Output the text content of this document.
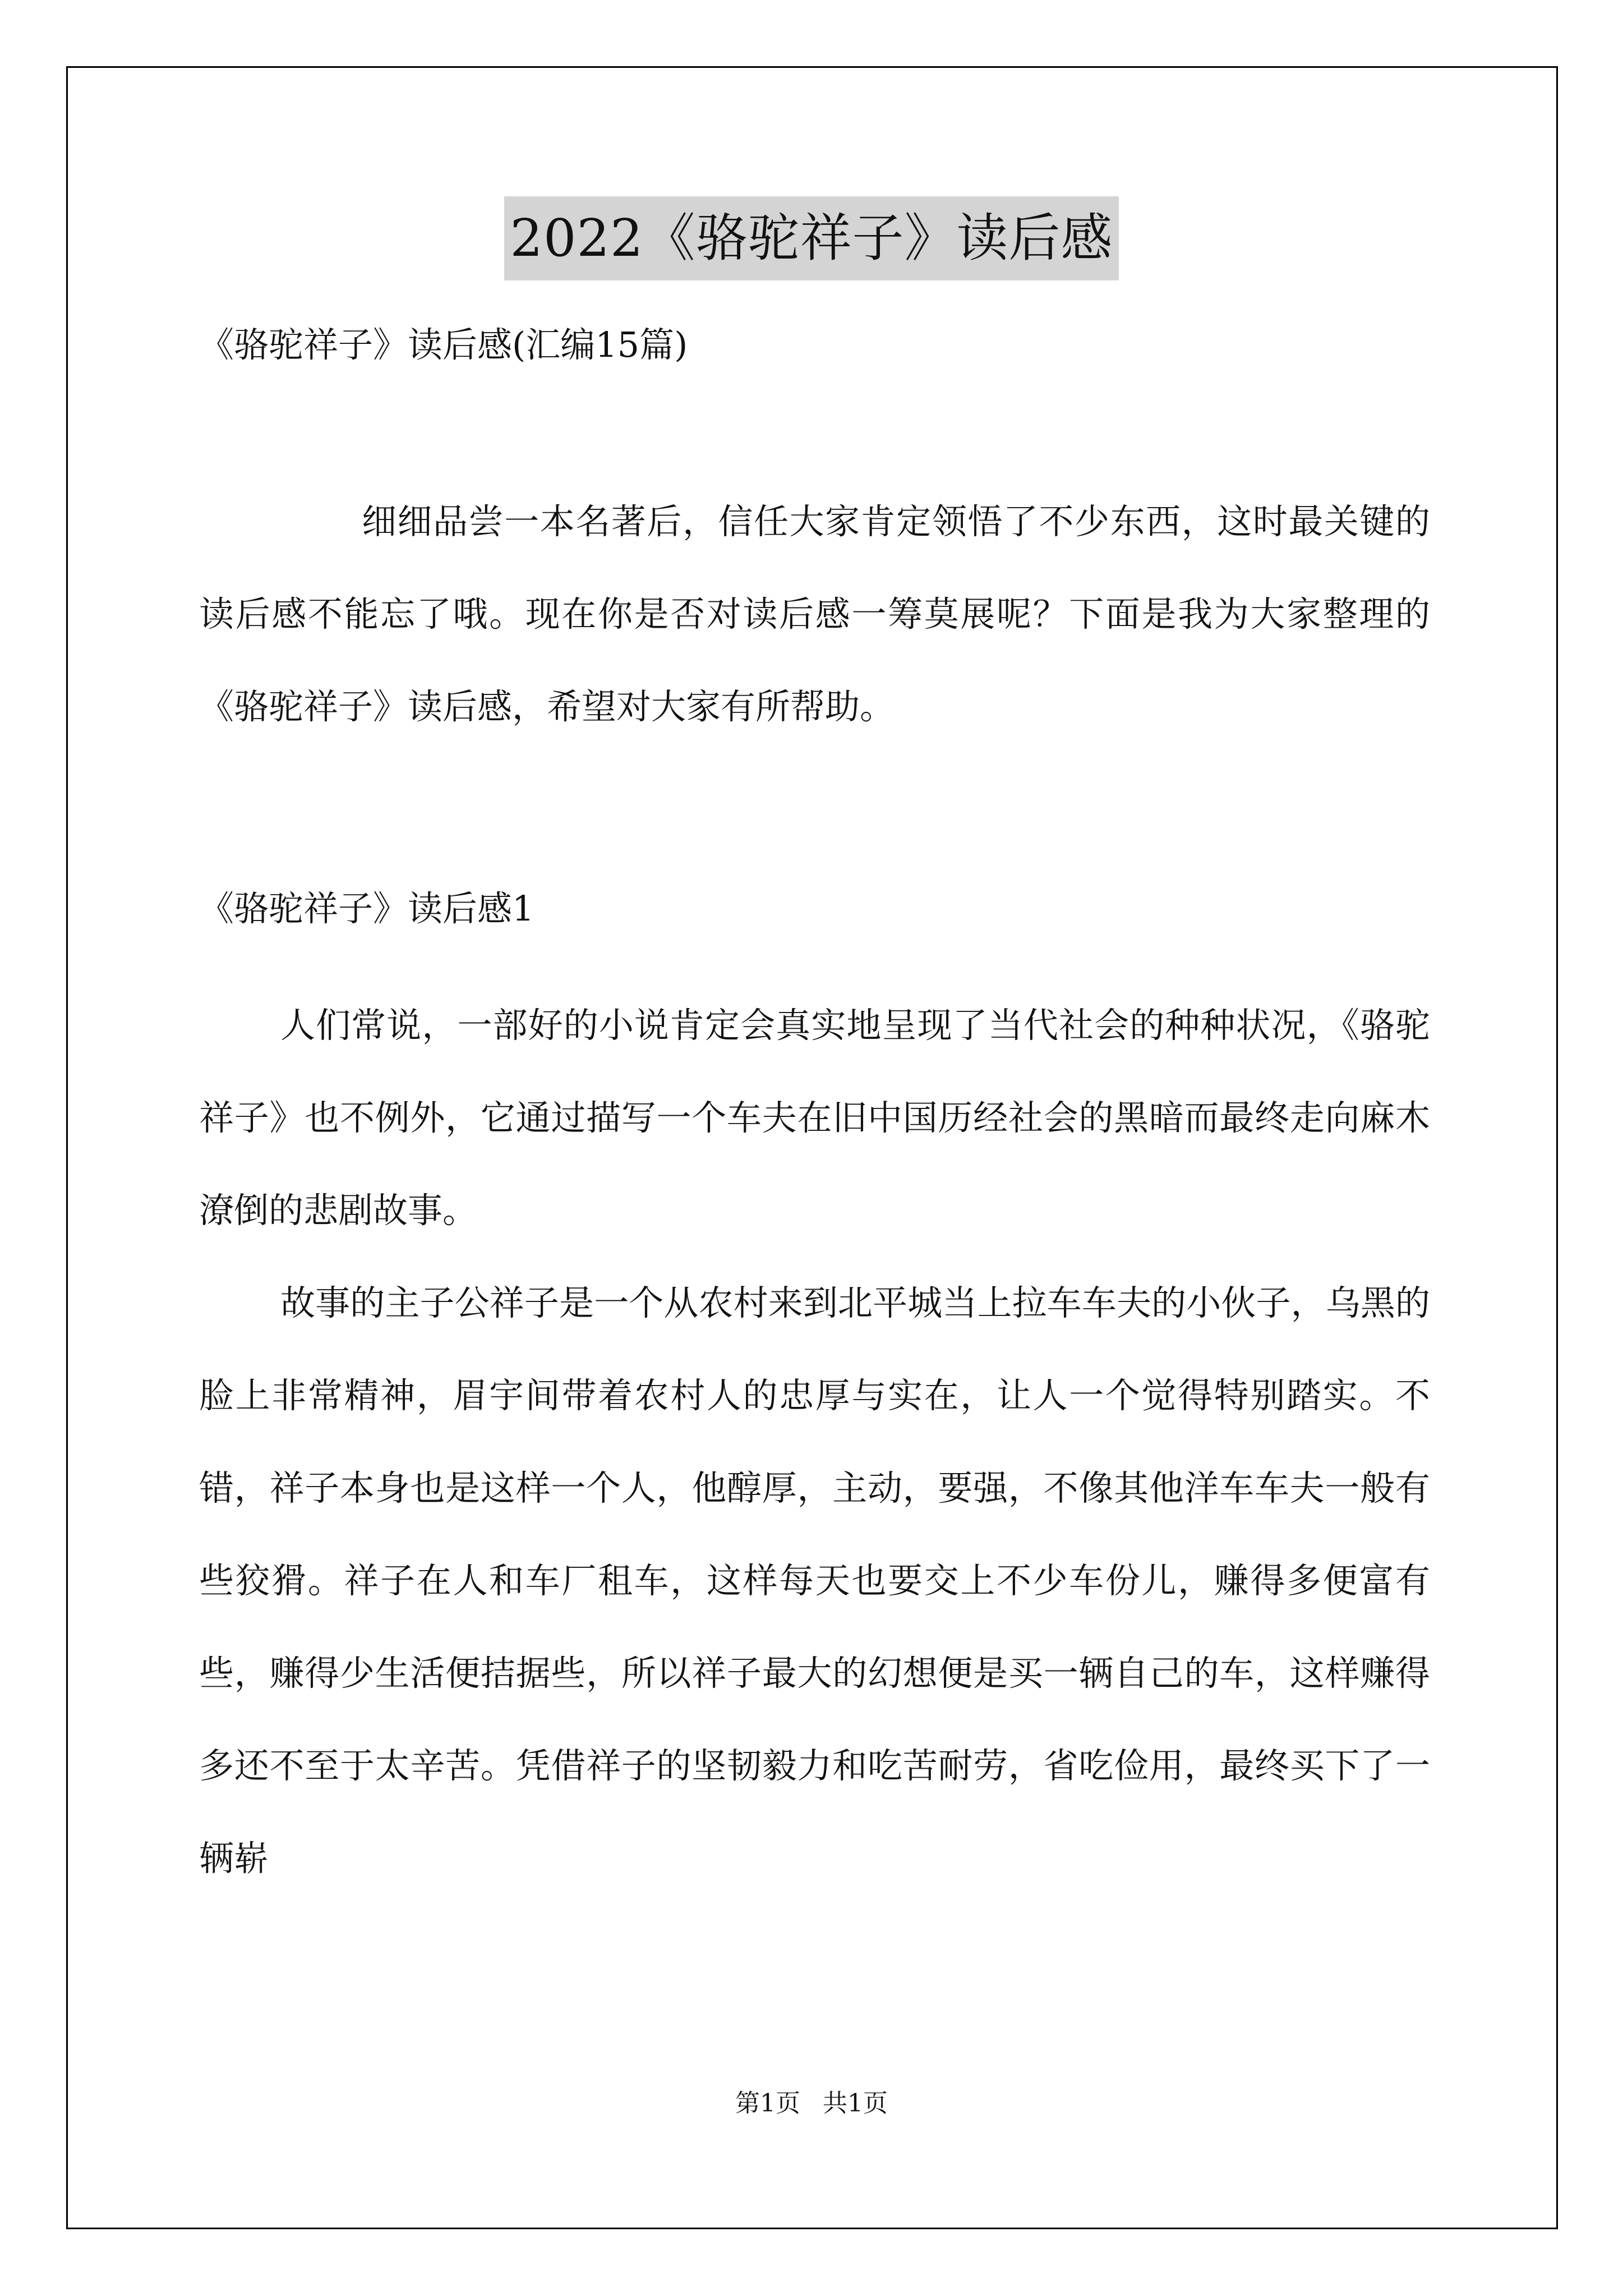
2022《骆驼祥子》读后感
《骆驼祥子》读后感(汇编15篇)

细细品尝一本名著后，信任大家肯定领悟了不少东西，这时最关键的读后感不能忘了哦。现在你是否对读后感一筹莫展呢？下面是我为大家整理的《骆驼祥子》读后感，希望对大家有所帮助。

《骆驼祥子》读后感1

人们常说，一部好的小说肯定会真实地呈现了当代社会的种种状况，《骆驼祥子》也不例外，它通过描写一个车夫在旧中国历经社会的黑暗而最终走向麻木潦倒的悲剧故事。

故事的主子公祥子是一个从农村来到北平城当上拉车车夫的小伙子，乌黑的脸上非常精神，眉宇间带着农村人的忠厚与实在，让人一个觉得特别踏实。不错，祥子本身也是这样一个人，他醇厚，主动，要强，不像其他洋车车夫一般有些狡猾。祥子在人和车厂租车，这样每天也要交上不少车份儿，赚得多便富有些，赚得少生活便拮据些，所以祥子最大的幻想便是买一辆自己的车，这样赚得多还不至于太辛苦。凭借祥子的坚韧毅力和吃苦耐劳，省吃俭用，最终买下了一辆崭

第1页 共1页
